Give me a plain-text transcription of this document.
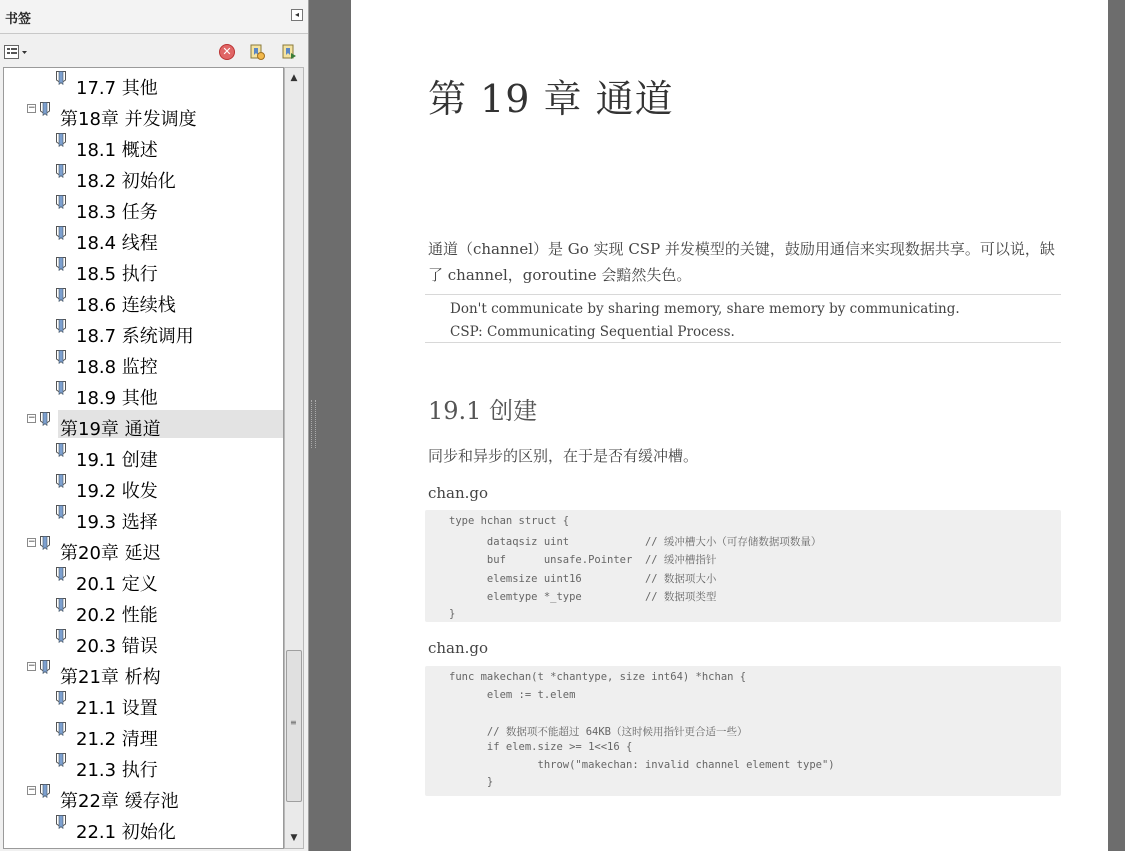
书签	◂
✕
17.7 其他
−
第18章 并发调度
18.1 概述
18.2 初始化
18.3 任务
18.4 线程
18.5 执行
18.6 连续栈
18.7 系统调用
18.8 监控
18.9 其他
−
第19章 通道
19.1 创建
19.2 收发
19.3 选择
−
第20章 延迟
20.1 定义
20.2 性能
20.3 错误
−
第21章 析构
21.1 设置
21.2 清理
21.3 执行
−
第22章 缓存池
22.1 初始化
▲
≡
▼
第 19 章 通道
通道（channel）是 Go 实现 CSP 并发模型的关键，鼓励用通信来实现数据共享。可以说，缺了 channel，goroutine 会黯然失色。
Don't communicate by sharing memory, share memory by communicating.
CSP: Communicating Sequential Process.
19.1 创建
同步和异步的区别，在于是否有缓冲槽。
chan.go
type hchan struct {
dataqsiz uint            // 缓冲槽大小（可存储数据项数量）
buf      unsafe.Pointer  // 缓冲槽指针
elemsize uint16          // 数据项大小
elemtype *_type          // 数据项类型
}
chan.go
func makechan(t *chantype, size int64) *hchan {
elem := t.elem
// 数据项不能超过 64KB（这时候用指针更合适一些）
if elem.size >= 1<<16 {
throw("makechan: invalid channel element type")
}
